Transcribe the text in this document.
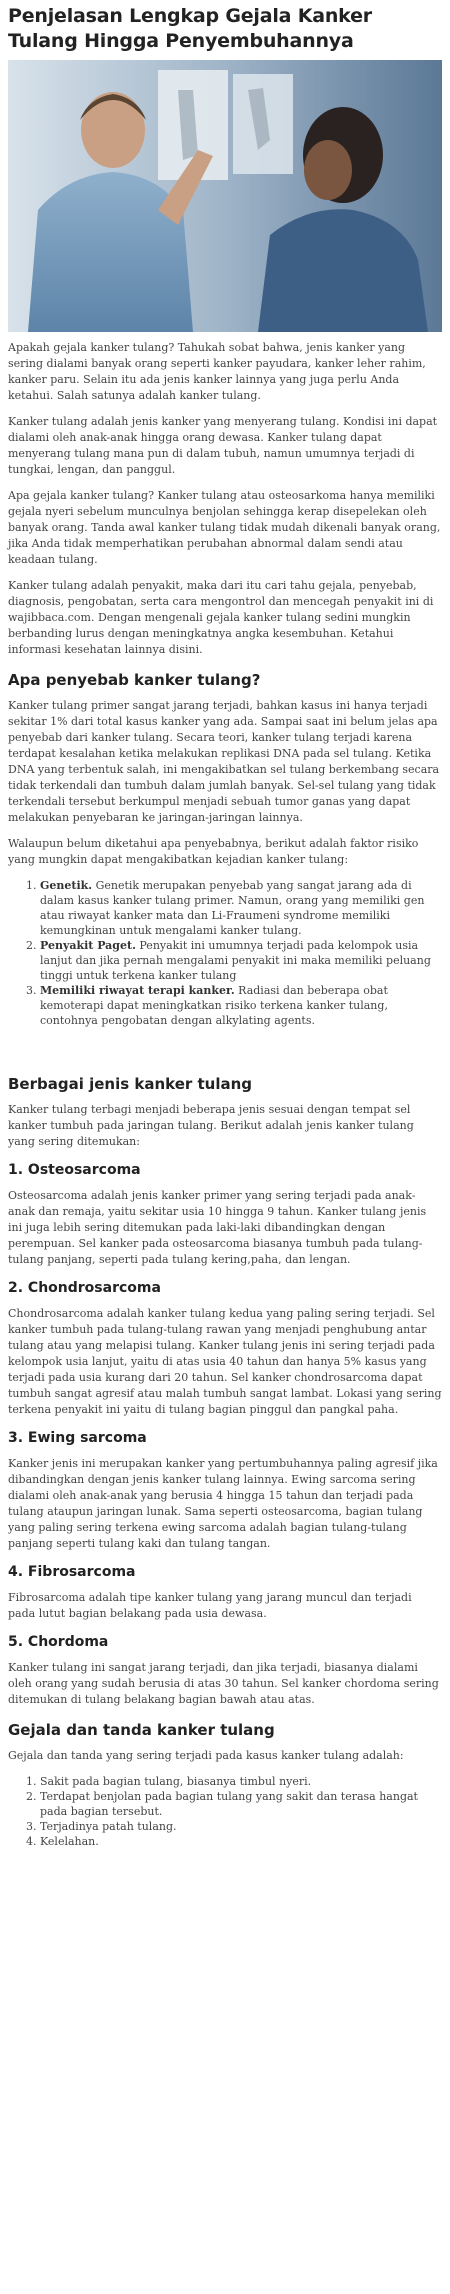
Penjelasan Lengkap Gejala Kanker Tulang Hingga Penyembuhannya

Apakah gejala kanker tulang? Tahukah sobat bahwa, jenis kanker yang sering dialami banyak orang seperti kanker payudara, kanker leher rahim, kanker paru. Selain itu ada jenis kanker lainnya yang juga perlu Anda ketahui. Salah satunya adalah kanker tulang.

Kanker tulang adalah jenis kanker yang menyerang tulang. Kondisi ini dapat dialami oleh anak-anak hingga orang dewasa. Kanker tulang dapat menyerang tulang mana pun di dalam tubuh, namun umumnya terjadi di tungkai, lengan, dan panggul.

Apa gejala kanker tulang? Kanker tulang atau osteosarkoma hanya memiliki gejala nyeri sebelum munculnya benjolan sehingga kerap disepelekan oleh banyak orang. Tanda awal kanker tulang tidak mudah dikenali banyak orang, jika Anda tidak memperhatikan perubahan abnormal dalam sendi atau keadaan tulang.

Kanker tulang adalah penyakit, maka dari itu cari tahu gejala, penyebab, diagnosis, pengobatan, serta cara mengontrol dan mencegah penyakit ini di wajibbaca.com. Dengan mengenali gejala kanker tulang sedini mungkin berbanding lurus dengan meningkatnya angka kesembuhan. Ketahui informasi kesehatan lainnya disini.

Apa penyebab kanker tulang?

Kanker tulang primer sangat jarang terjadi, bahkan kasus ini hanya terjadi sekitar 1% dari total kasus kanker yang ada. Sampai saat ini belum jelas apa penyebab dari kanker tulang. Secara teori, kanker tulang terjadi karena terdapat kesalahan ketika melakukan replikasi DNA pada sel tulang. Ketika DNA yang terbentuk salah, ini mengakibatkan sel tulang berkembang secara tidak terkendali dan tumbuh dalam jumlah banyak. Sel-sel tulang yang tidak terkendali tersebut berkumpul menjadi sebuah tumor ganas yang dapat melakukan penyebaran ke jaringan-jaringan lainnya.

Walaupun belum diketahui apa penyebabnya, berikut adalah faktor risiko yang mungkin dapat mengakibatkan kejadian kanker tulang:

1. Genetik. Genetik merupakan penyebab yang sangat jarang ada di dalam kasus kanker tulang primer. Namun, orang yang memiliki gen atau riwayat kanker mata dan Li-Fraumeni syndrome memiliki kemungkinan untuk mengalami kanker tulang.
2. Penyakit Paget. Penyakit ini umumnya terjadi pada kelompok usia lanjut dan jika pernah mengalami penyakit ini maka memiliki peluang tinggi untuk terkena kanker tulang
3. Memiliki riwayat terapi kanker. Radiasi dan beberapa obat kemoterapi dapat meningkatkan risiko terkena kanker tulang, contohnya pengobatan dengan alkylating agents.
Berbagai jenis kanker tulang

Kanker tulang terbagi menjadi beberapa jenis sesuai dengan tempat sel kanker tumbuh pada jaringan tulang. Berikut adalah jenis kanker tulang yang sering ditemukan:

1. Osteosarcoma

Osteosarcoma adalah jenis kanker primer yang sering terjadi pada anak-anak dan remaja, yaitu sekitar usia 10 hingga 9 tahun. Kanker tulang jenis ini juga lebih sering ditemukan pada laki-laki dibandingkan dengan perempuan. Sel kanker pada osteosarcoma biasanya tumbuh pada tulang-tulang panjang, seperti pada tulang kering,paha, dan lengan.

2. Chondrosarcoma

Chondrosarcoma adalah kanker tulang kedua yang paling sering terjadi. Sel kanker tumbuh pada tulang-tulang rawan yang menjadi penghubung antar tulang atau yang melapisi tulang. Kanker tulang jenis ini sering terjadi pada kelompok usia lanjut, yaitu di atas usia 40 tahun dan hanya 5% kasus yang terjadi pada usia kurang dari 20 tahun. Sel kanker chondrosarcoma dapat tumbuh sangat agresif atau malah tumbuh sangat lambat. Lokasi yang sering terkena penyakit ini yaitu di tulang bagian pinggul dan pangkal paha.

3. Ewing sarcoma

Kanker jenis ini merupakan kanker yang pertumbuhannya paling agresif jika dibandingkan dengan jenis kanker tulang lainnya. Ewing sarcoma sering dialami oleh anak-anak yang berusia 4 hingga 15 tahun dan terjadi pada tulang ataupun jaringan lunak. Sama seperti osteosarcoma, bagian tulang yang paling sering terkena ewing sarcoma adalah bagian tulang-tulang panjang seperti tulang kaki dan tulang tangan.

4. Fibrosarcoma

Fibrosarcoma adalah tipe kanker tulang yang jarang muncul dan terjadi pada lutut bagian belakang pada usia dewasa.

5. Chordoma

Kanker tulang ini sangat jarang terjadi, dan jika terjadi, biasanya dialami oleh orang yang sudah berusia di atas 30 tahun. Sel kanker chordoma sering ditemukan di tulang belakang bagian bawah atau atas.

Gejala dan tanda kanker tulang

Gejala dan tanda yang sering terjadi pada kasus kanker tulang adalah:

1. Sakit pada bagian tulang, biasanya timbul nyeri.
2. Terdapat benjolan pada bagian tulang yang sakit dan terasa hangat pada bagian tersebut.
3. Terjadinya patah tulang.
4. Kelelahan.
